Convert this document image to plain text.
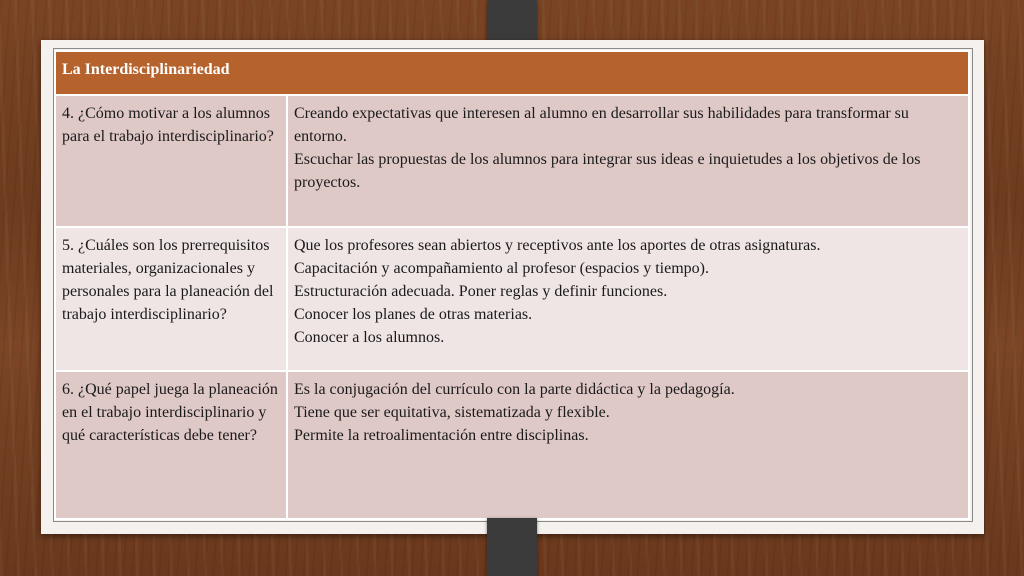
La Interdisciplinariedad	
4. ¿Cómo motivar a los alumnos para el trabajo interdisciplinario?	Creando expectativas que interesen al alumno en desarrollar sus habilidades para transformar su entorno.
Escuchar las propuestas de los alumnos para integrar sus ideas e inquietudes a los objetivos de los proyectos.

5. ¿Cuáles son los prerrequisitos materiales, organizacionales y personales para la planeación del trabajo interdisciplinario?	Que los profesores sean abiertos y receptivos ante los aportes de otras asignaturas.
Capacitación y acompañamiento al profesor (espacios y tiempo).
Estructuración adecuada. Poner reglas y definir funciones.
Conocer los planes de otras materias.
Conocer a los alumnos.

6. ¿Qué papel juega la planeación en el trabajo interdisciplinario y qué características debe tener?	Es la conjugación del currículo con la parte didáctica y la pedagogía.
Tiene que ser equitativa, sistematizada y flexible.
Permite la retroalimentación entre disciplinas.
